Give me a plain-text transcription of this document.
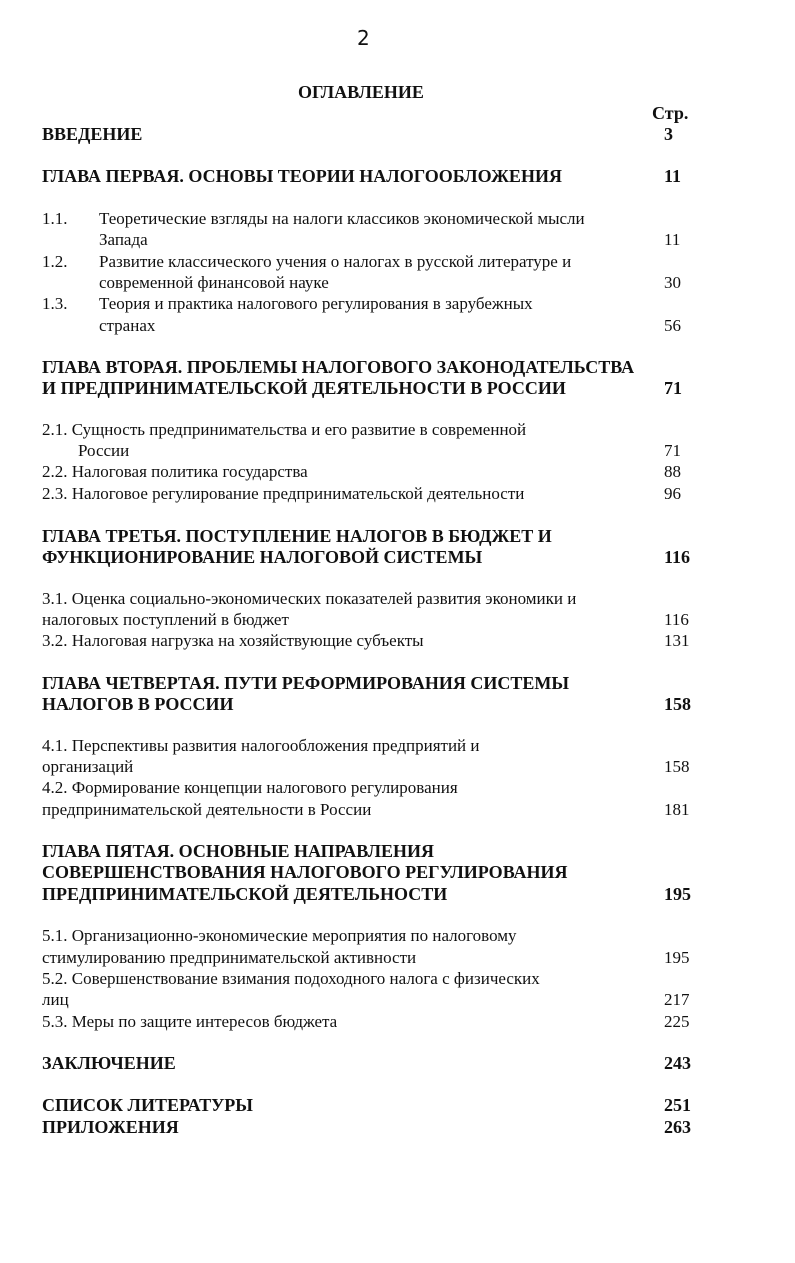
2
ОГЛАВЛЕНИЕ
Стр.
ВВЕДЕНИЕ	3
ГЛАВА ПЕРВАЯ. ОСНОВЫ ТЕОРИИ НАЛОГООБЛОЖЕНИЯ	11
1.1. Теоретические взгляды на налоги классиков экономической мысли
Запада	11
1.2. Развитие классического учения о налогах в русской литературе и
современной финансовой науке	30
1.3. Теория и практика налогового регулирования в зарубежных
странах	56
ГЛАВА ВТОРАЯ. ПРОБЛЕМЫ НАЛОГОВОГО ЗАКОНОДАТЕЛЬСТВА
И ПРЕДПРИНИМАТЕЛЬСКОЙ ДЕЯТЕЛЬНОСТИ В РОССИИ	71
2.1. Сущность предпринимательства и его развитие в современной
России	71
2.2. Налоговая политика государства	88
2.3. Налоговое регулирование предпринимательской деятельности	96
ГЛАВА ТРЕТЬЯ. ПОСТУПЛЕНИЕ НАЛОГОВ В БЮДЖЕТ И
ФУНКЦИОНИРОВАНИЕ НАЛОГОВОЙ СИСТЕМЫ	116
3.1. Оценка социально-экономических показателей развития экономики и
налоговых поступлений в бюджет	116
3.2. Налоговая нагрузка на хозяйствующие субъекты	131
ГЛАВА ЧЕТВЕРТАЯ. ПУТИ РЕФОРМИРОВАНИЯ СИСТЕМЫ
НАЛОГОВ В РОССИИ	158
4.1. Перспективы развития налогообложения предприятий и
организаций	158
4.2. Формирование концепции налогового регулирования
предпринимательской деятельности в России	181
ГЛАВА ПЯТАЯ. ОСНОВНЫЕ НАПРАВЛЕНИЯ
СОВЕРШЕНСТВОВАНИЯ НАЛОГОВОГО РЕГУЛИРОВАНИЯ
ПРЕДПРИНИМАТЕЛЬСКОЙ ДЕЯТЕЛЬНОСТИ	195
5.1. Организационно-экономические мероприятия по налоговому
стимулированию предпринимательской активности	195
5.2. Совершенствование взимания подоходного налога с физических
лиц	217
5.3. Меры по защите интересов бюджета	225
ЗАКЛЮЧЕНИЕ	243
СПИСОК ЛИТЕРАТУРЫ	251
ПРИЛОЖЕНИЯ	263
